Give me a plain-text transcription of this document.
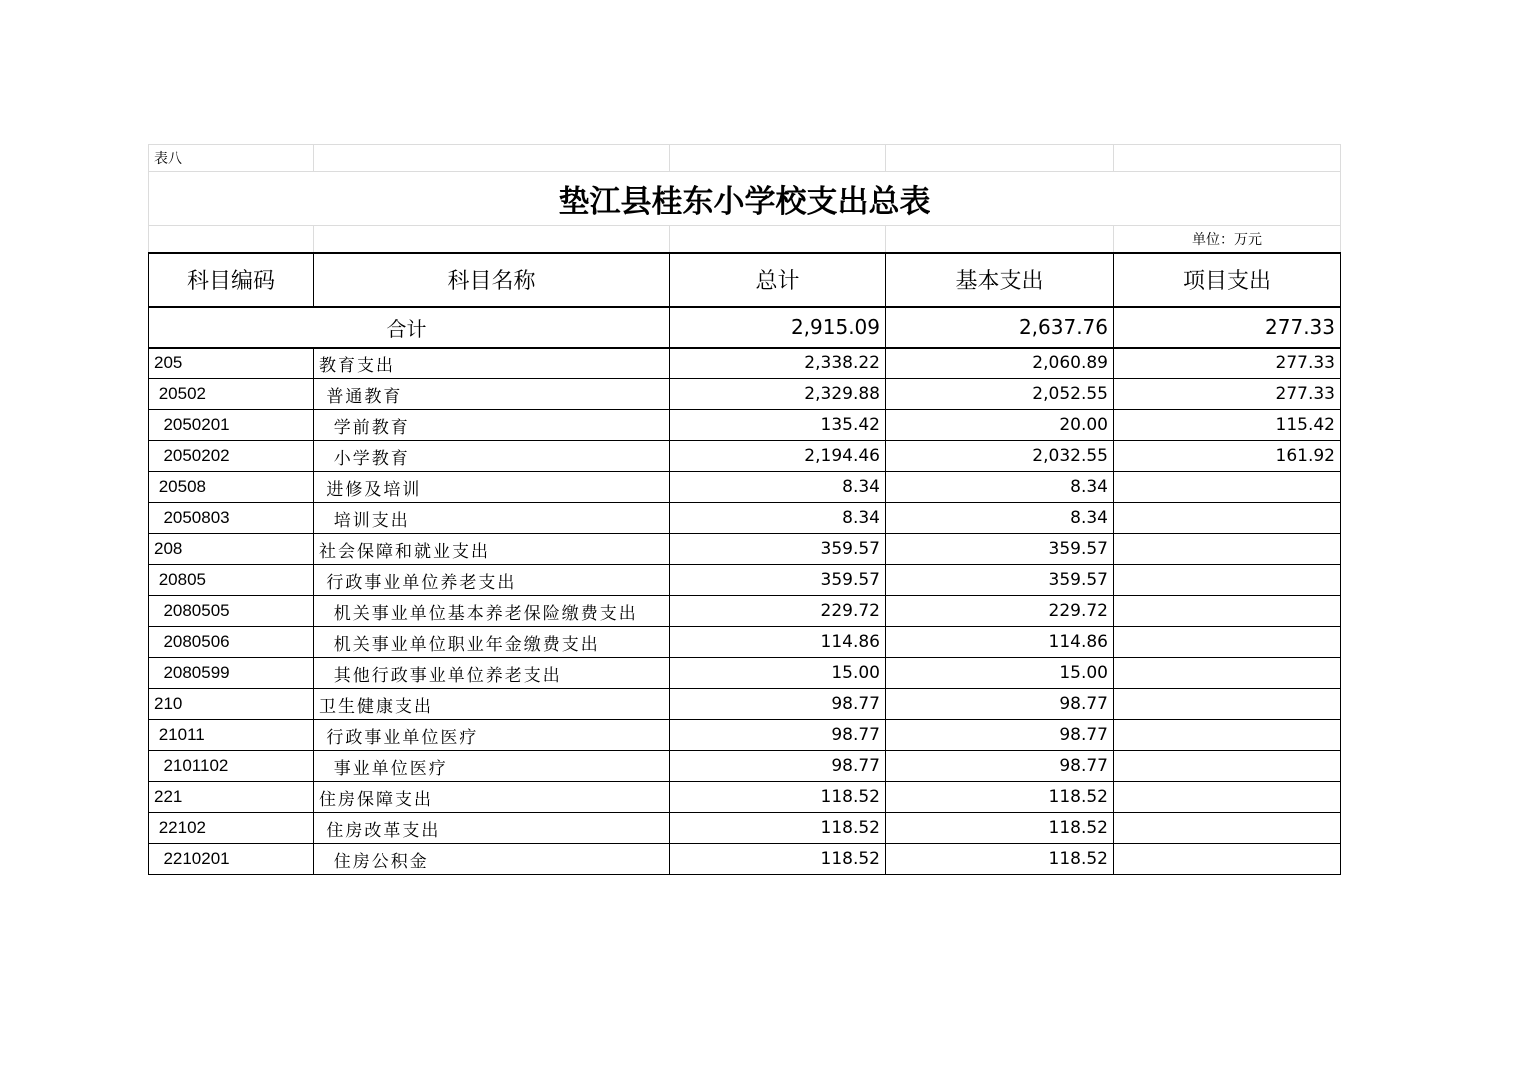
表八				
垫江县桂东小学校支出总表				
				单位：万元
科目编码	科目名称	总计	基本支出	项目支出
合计		2,915.09	2,637.76	277.33
205	教育支出	2,338.22	2,060.89	277.33
20502	普通教育	2,329.88	2,052.55	277.33
2050201	学前教育	135.42	20.00	115.42
2050202	小学教育	2,194.46	2,032.55	161.92
20508	进修及培训	8.34	8.34	
2050803	培训支出	8.34	8.34	
208	社会保障和就业支出	359.57	359.57	
20805	行政事业单位养老支出	359.57	359.57	
2080505	机关事业单位基本养老保险缴费支出	229.72	229.72	
2080506	机关事业单位职业年金缴费支出	114.86	114.86	
2080599	其他行政事业单位养老支出	15.00	15.00	
210	卫生健康支出	98.77	98.77	
21011	行政事业单位医疗	98.77	98.77	
2101102	事业单位医疗	98.77	98.77	
221	住房保障支出	118.52	118.52	
22102	住房改革支出	118.52	118.52	
2210201	住房公积金	118.52	118.52	
